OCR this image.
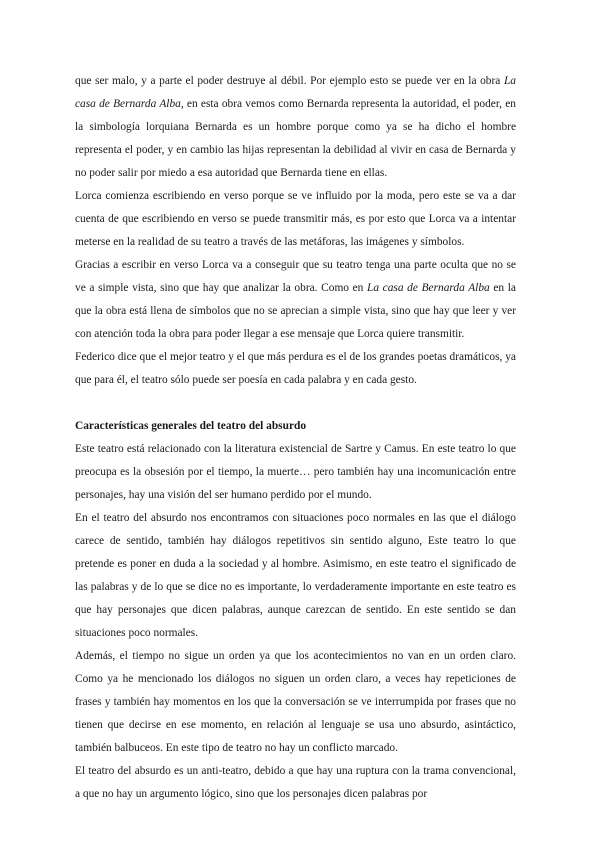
que ser malo, y a parte el poder destruye al débil. Por ejemplo esto se puede ver en la obra La casa de Bernarda Alba, en esta obra vemos como Bernarda representa la autoridad, el poder, en la simbología lorquiana Bernarda es un hombre porque como ya se ha dicho el hombre representa el poder, y en cambio las hijas representan la debilidad al vivir en casa de Bernarda y no poder salir por miedo a esa autoridad que Bernarda tiene en ellas.

Lorca comienza escribiendo en verso porque se ve influido por la moda, pero este se va a dar cuenta de que escribiendo en verso se puede transmitir más, es por esto que Lorca va a intentar meterse en la realidad de su teatro a través de las metáforas, las imágenes y símbolos.

Gracias a escribir en verso Lorca va a conseguir que su teatro tenga una parte oculta que no se ve a simple vista, sino que hay que analizar la obra. Como en La casa de Bernarda Alba en la que la obra está llena de símbolos que no se aprecian a simple vista, sino que hay que leer y ver con atención toda la obra para poder llegar a ese mensaje que Lorca quiere transmitir.

Federico dice que el mejor teatro y el que más perdura es el de los grandes poetas dramáticos, ya que para él, el teatro sólo puede ser poesía en cada palabra y en cada gesto.

Características generales del teatro del absurdo

Este teatro está relacionado con la literatura existencial de Sartre y Camus. En este teatro lo que preocupa es la obsesión por el tiempo, la muerte… pero también hay una incomunicación entre personajes, hay una visión del ser humano perdido por el mundo.

En el teatro del absurdo nos encontramos con situaciones poco normales en las que el diálogo carece de sentido, también hay diálogos repetitivos sin sentido alguno, Este teatro lo que pretende es poner en duda a la sociedad y al hombre. Asimismo, en este teatro el significado de las palabras y de lo que se dice no es importante, lo verdaderamente importante en este teatro es que hay personajes que dicen palabras, aunque carezcan de sentido. En este sentido se dan situaciones poco normales.

Además, el tiempo no sigue un orden ya que los acontecimientos no van en un orden claro. Como ya he mencionado los diálogos no siguen un orden claro, a veces hay repeticiones de frases y también hay momentos en los que la conversación se ve interrumpida por frases que no tienen que decirse en ese momento, en relación al lenguaje se usa uno absurdo, asintáctico, también balbuceos. En este tipo de teatro no hay un conflicto marcado.

El teatro del absurdo es un anti-teatro, debido a que hay una ruptura con la trama convencional, a que no hay un argumento lógico, sino que los personajes dicen palabras por
